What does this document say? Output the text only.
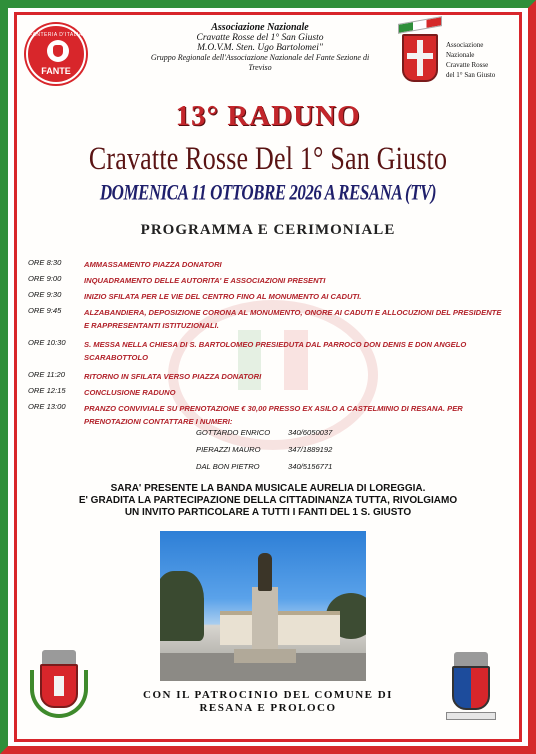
FANTERIA D'ITALIA
FANTE
Associazione Nazionale
Cravatte Rosse del 1° San Giusto
M.O.V.M. Sten. Ugo Bartolomei"
Gruppo Regionale dell'Associazione Nazionale del Fante Sezione di Treviso
Associazione
Nazionale
Cravatte Rosse
del 1° San Giusto
13° RADUNO
Cravatte Rosse Del 1° San Giusto
DOMENICA 11 OTTOBRE 2026 A RESANA (TV)
PROGRAMMA E CERIMONIALE
ORE 8:30	AMMASSAMENTO PIAZZA DONATORI
ORE 9:00	INQUADRAMENTO DELLE AUTORITA' E ASSOCIAZIONI PRESENTI
ORE 9:30	INIZIO SFILATA PER LE VIE DEL CENTRO FINO AL MONUMENTO AI CADUTI.
ORE 9:45	ALZABANDIERA, DEPOSIZIONE CORONA AL MONUMENTO, ONORE AI CADUTI E ALLOCUZIONI DEL PRESIDENTE E RAPPRESENTANTI ISTITUZIONALI.
ORE 10:30	S. MESSA NELLA CHIESA DI S. BARTOLOMEO PRESIEDUTA DAL PARROCO DON DENIS E DON ANGELO SCARABOTTOLO
ORE 11:20	RITORNO IN SFILATA VERSO PIAZZA DONATORI
ORE 12:15	CONCLUSIONE RADUNO
ORE 13:00	PRANZO CONVIVIALE SU PRENOTAZIONE € 30,00 PRESSO EX ASILO A CASTELMINIO DI RESANA. PER PRENOTAZIONI CONTATTARE I NUMERI:
GOTTARDO ENRICO 340/6050037
PIERAZZI MAURO	347/1889192
DAL BON PIETRO	340/5156771
SARA' PRESENTE LA BANDA MUSICALE AURELIA DI LOREGGIA.
E' GRADITA LA PARTECIPAZIONE DELLA CITTADINANZA TUTTA, RIVOLGIAMO
UN INVITO PARTICOLARE A TUTTI I FANTI DEL 1 S. GIUSTO
CON IL PATROCINIO DEL COMUNE DI
RESANA E PROLOCO
